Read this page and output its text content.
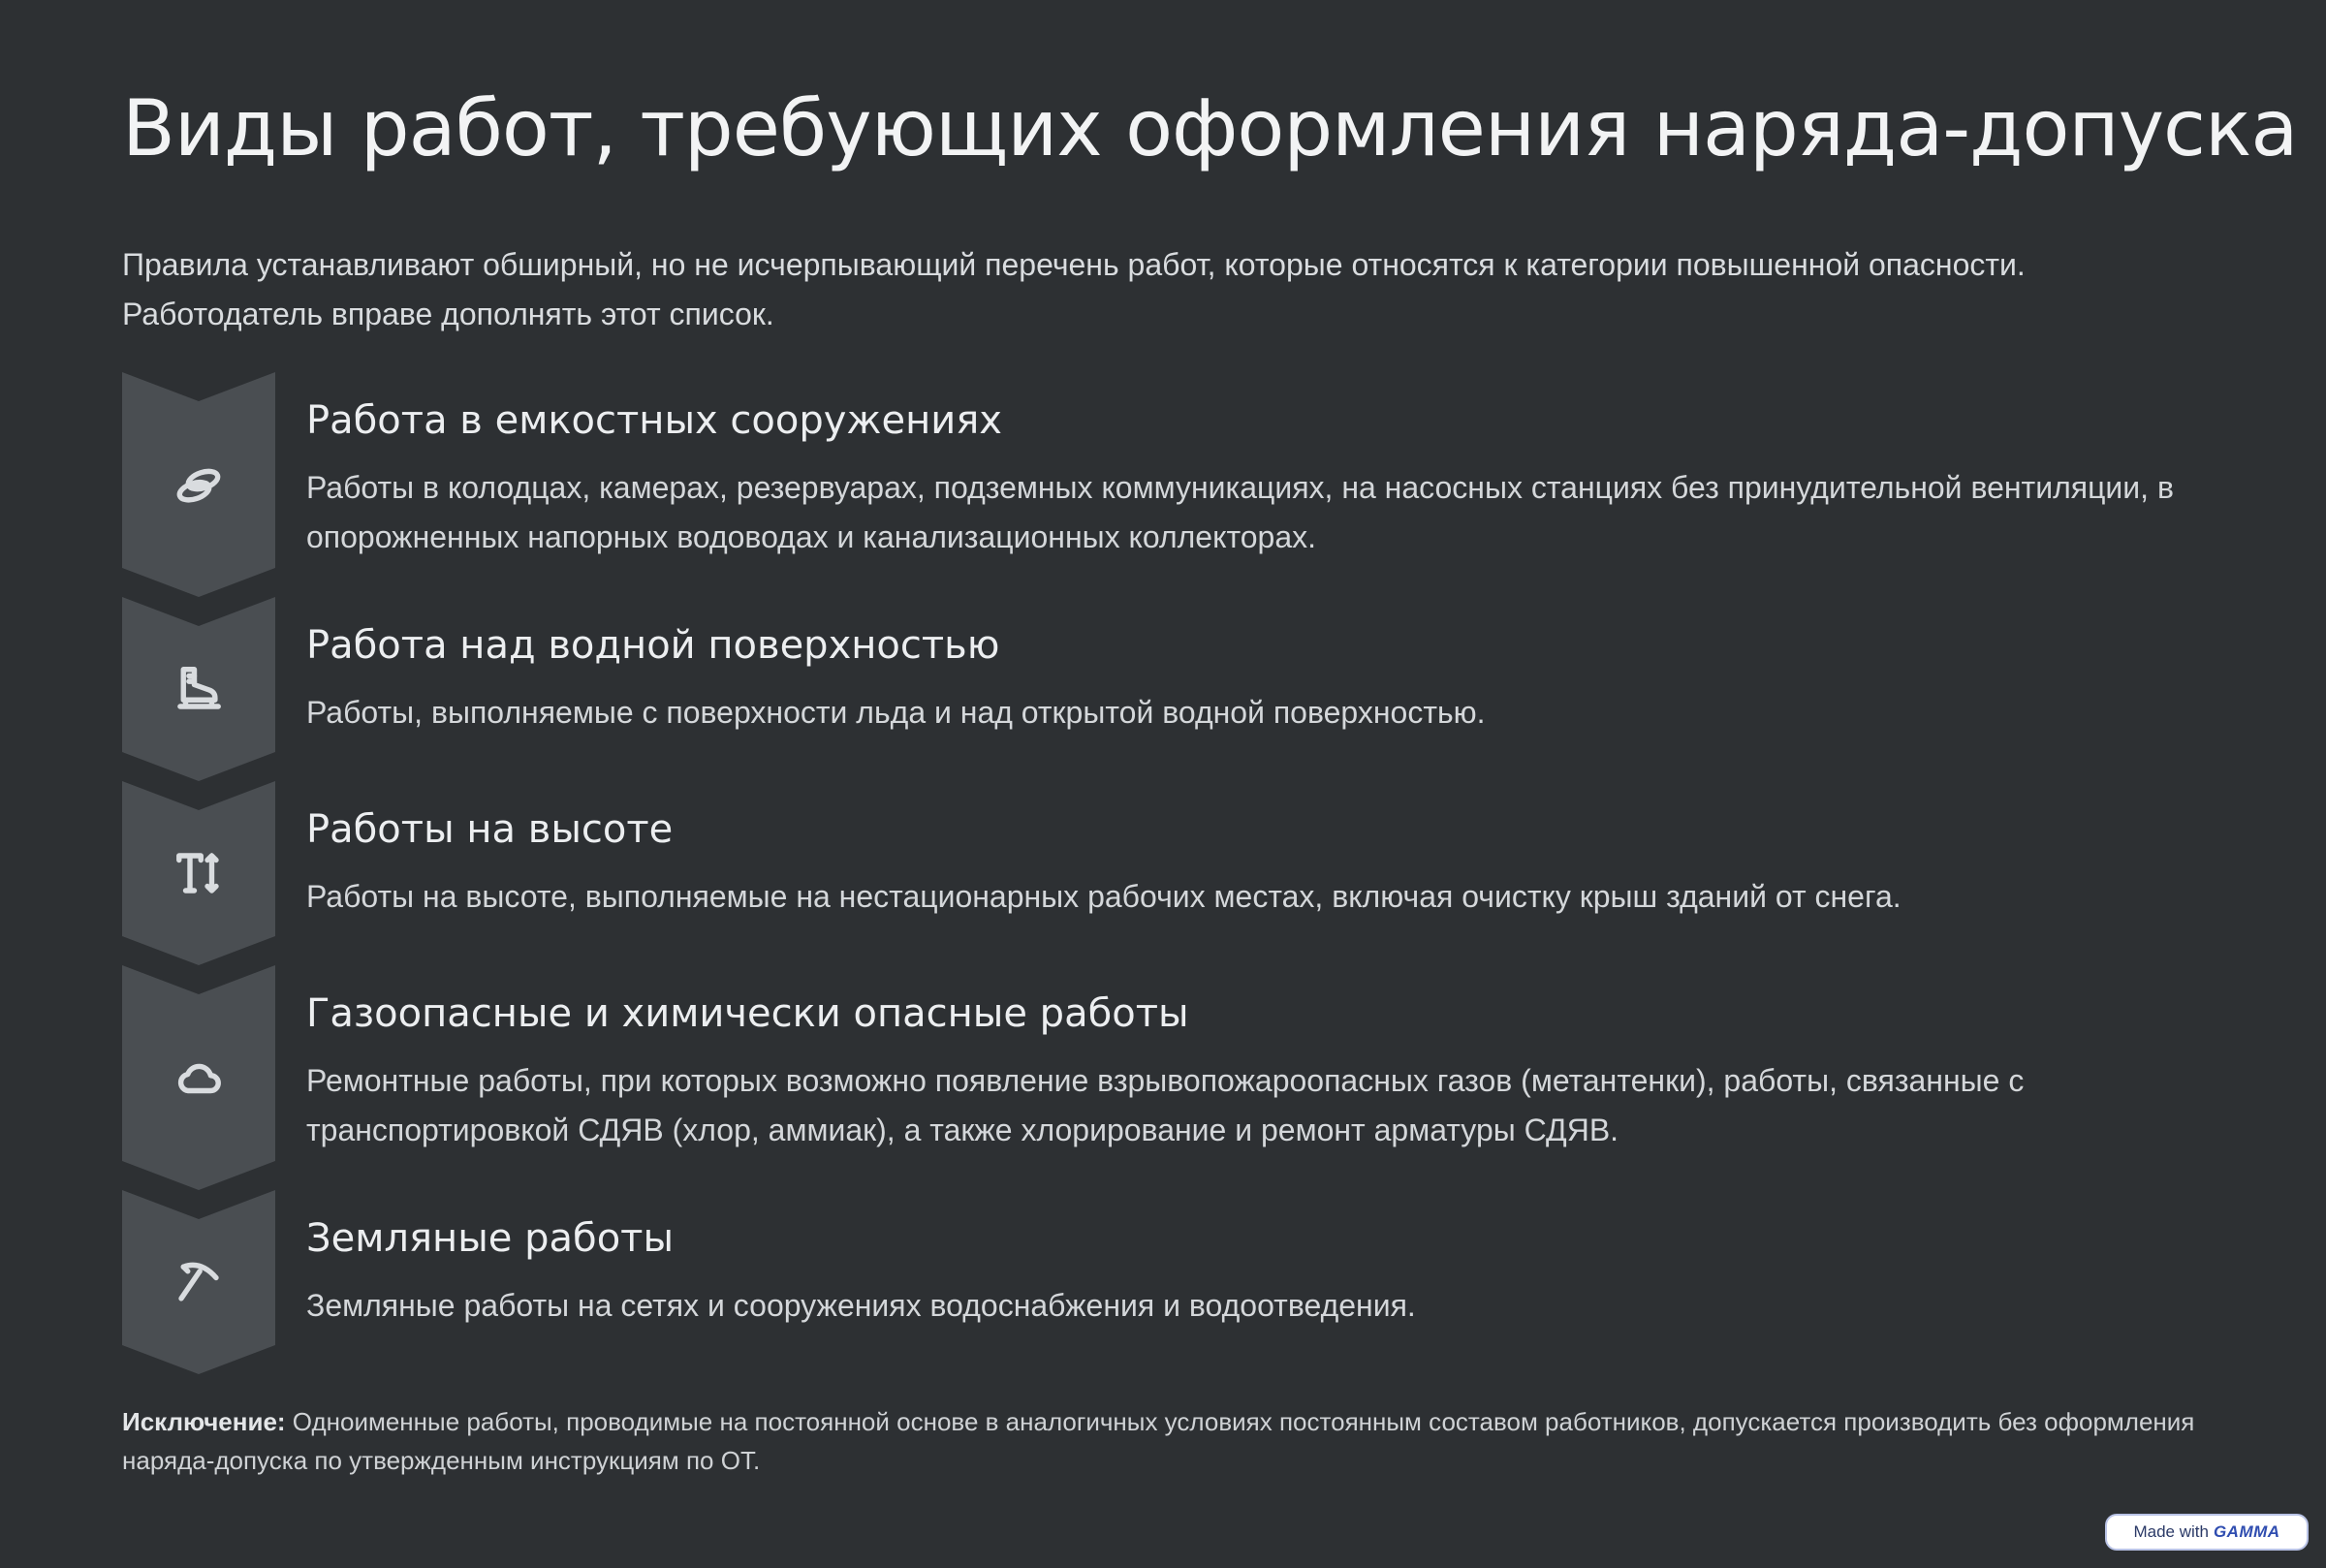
Виды работ, требующих оформления наряда-допуска

Правила устанавливают обширный, но не исчерпывающий перечень работ, которые относятся к категории повышенной опасности. Работодатель вправе дополнять этот список.

Работа в емкостных сооружениях

Работы в колодцах, камерах, резервуарах, подземных коммуникациях, на насосных станциях без принудительной вентиляции, в опорожненных напорных водоводах и канализационных коллекторах.

Работа над водной поверхностью

Работы, выполняемые с поверхности льда и над открытой водной поверхностью.

Работы на высоте

Работы на высоте, выполняемые на нестационарных рабочих местах, включая очистку крыш зданий от снега.

Газоопасные и химически опасные работы

Ремонтные работы, при которых возможно появление взрывопожароопасных газов (метантенки), работы, связанные с транспортировкой СДЯВ (хлор, аммиак), а также хлорирование и ремонт арматуры СДЯВ.

Земляные работы

Земляные работы на сетях и сооружениях водоснабжения и водоотведения.

Исключение: Одноименные работы, проводимые на постоянной основе в аналогичных условиях постоянным составом работников, допускается производить без оформления наряда-допуска по утвержденным инструкциям по ОТ.

Made with GAMMA
